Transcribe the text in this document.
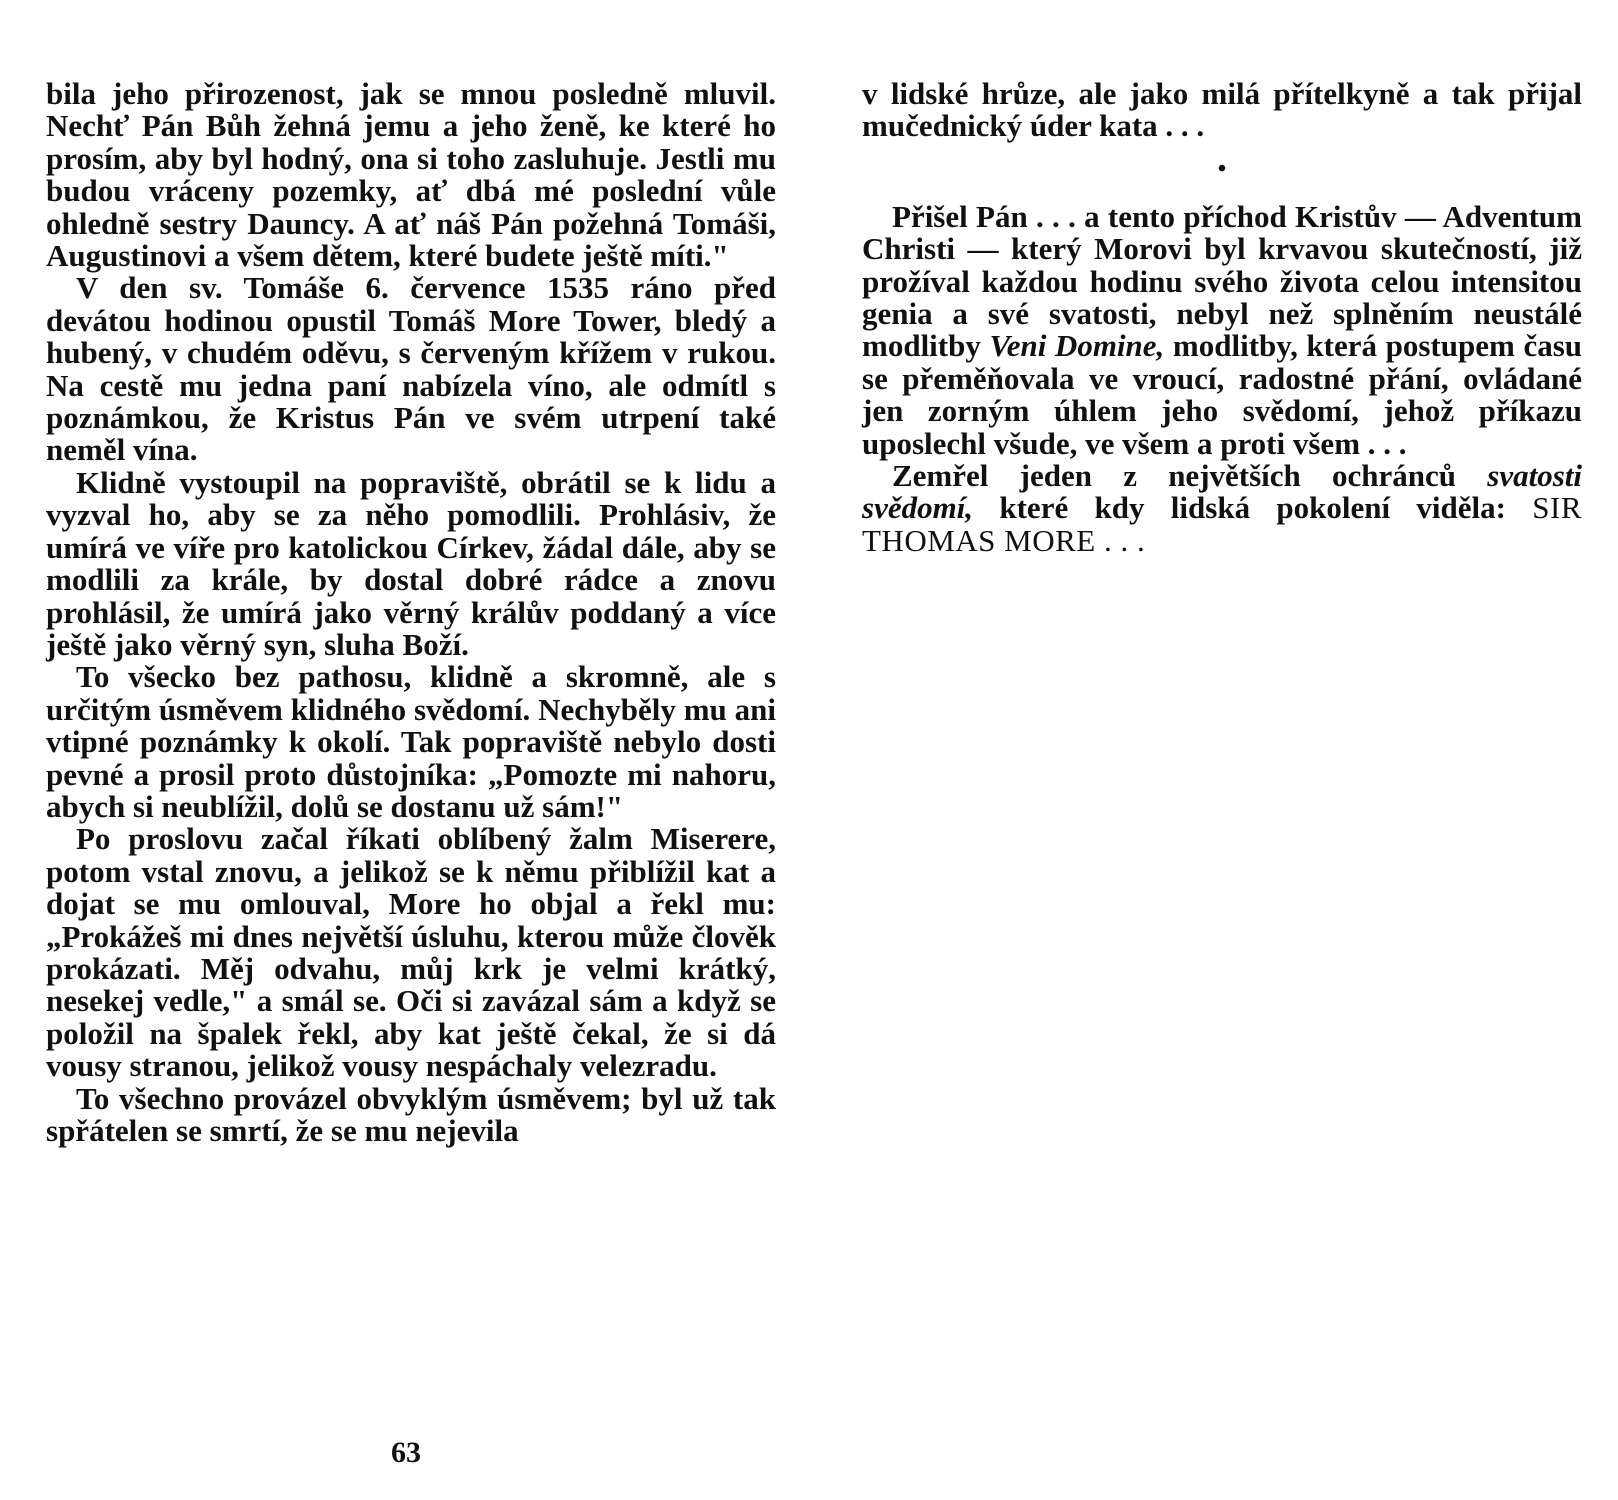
bila jeho přirozenost, jak se mnou posledně mluvil. Nechť Pán Bůh žehná jemu a jeho ženě, ke které ho prosím, aby byl hodný, ona si toho zasluhuje. Jestli mu budou vráceny pozemky, ať dbá mé poslední vůle ohledně sestry Dauncy. A ať náš Pán požehná Tomáši, Augustinovi a všem dětem, které budete ještě míti."

V den sv. Tomáše 6. července 1535 ráno před devátou hodinou opustil Tomáš More Tower, bledý a hubený, v chudém oděvu, s červeným křížem v rukou. Na cestě mu jedna paní nabízela víno, ale odmítl s poznámkou, že Kristus Pán ve svém utrpení také neměl vína.

Klidně vystoupil na popraviště, obrátil se k lidu a vyzval ho, aby se za něho pomodlili. Prohlásiv, že umírá ve víře pro katolickou Církev, žádal dále, aby se modlili za krále, by dostal dobré rádce a znovu prohlásil, že umírá jako věrný králův poddaný a více ještě jako věrný syn, sluha Boží.

To všecko bez pathosu, klidně a skromně, ale s určitým úsměvem klidného svědomí. Nechyběly mu ani vtipné poznámky k okolí. Tak popraviště nebylo dosti pevné a prosil proto důstojníka: „Pomozte mi nahoru, abych si neublížil, dolů se dostanu už sám!"

Po proslovu začal říkati oblíbený žalm Miserere, potom vstal znovu, a jelikož se k němu přiblížil kat a dojat se mu omlouval, More ho objal a řekl mu: „Prokážeš mi dnes největší úsluhu, kterou může člověk prokázati. Měj odvahu, můj krk je velmi krátký, nesekej vedle," a smál se. Oči si zavázal sám a když se položil na špalek řekl, aby kat ještě čekal, že si dá vousy stranou, jelikož vousy nespáchaly velezradu.

To všechno provázel obvyklým úsměvem; byl už tak spřátelen se smrtí, že se mu nejevila

v lidské hrůze, ale jako milá přítelkyně a tak přijal mučednický úder kata . . .

•

Přišel Pán . . . a tento příchod Kristův — Adventum Christi — který Morovi byl krvavou skutečností, již prožíval každou hodinu svého života celou intensitou genia a své svatosti, nebyl než splněním neustálé modlitby Veni Domine, modlitby, která postupem času se přeměňovala ve vroucí, radostné přání, ovládané jen zorným úhlem jeho svědomí, jehož příkazu uposlechl všude, ve všem a proti všem . . .

Zemřel jeden z největších ochránců svatosti svědomí, které kdy lidská pokolení viděla: SIR THOMAS MORE . . .

63
